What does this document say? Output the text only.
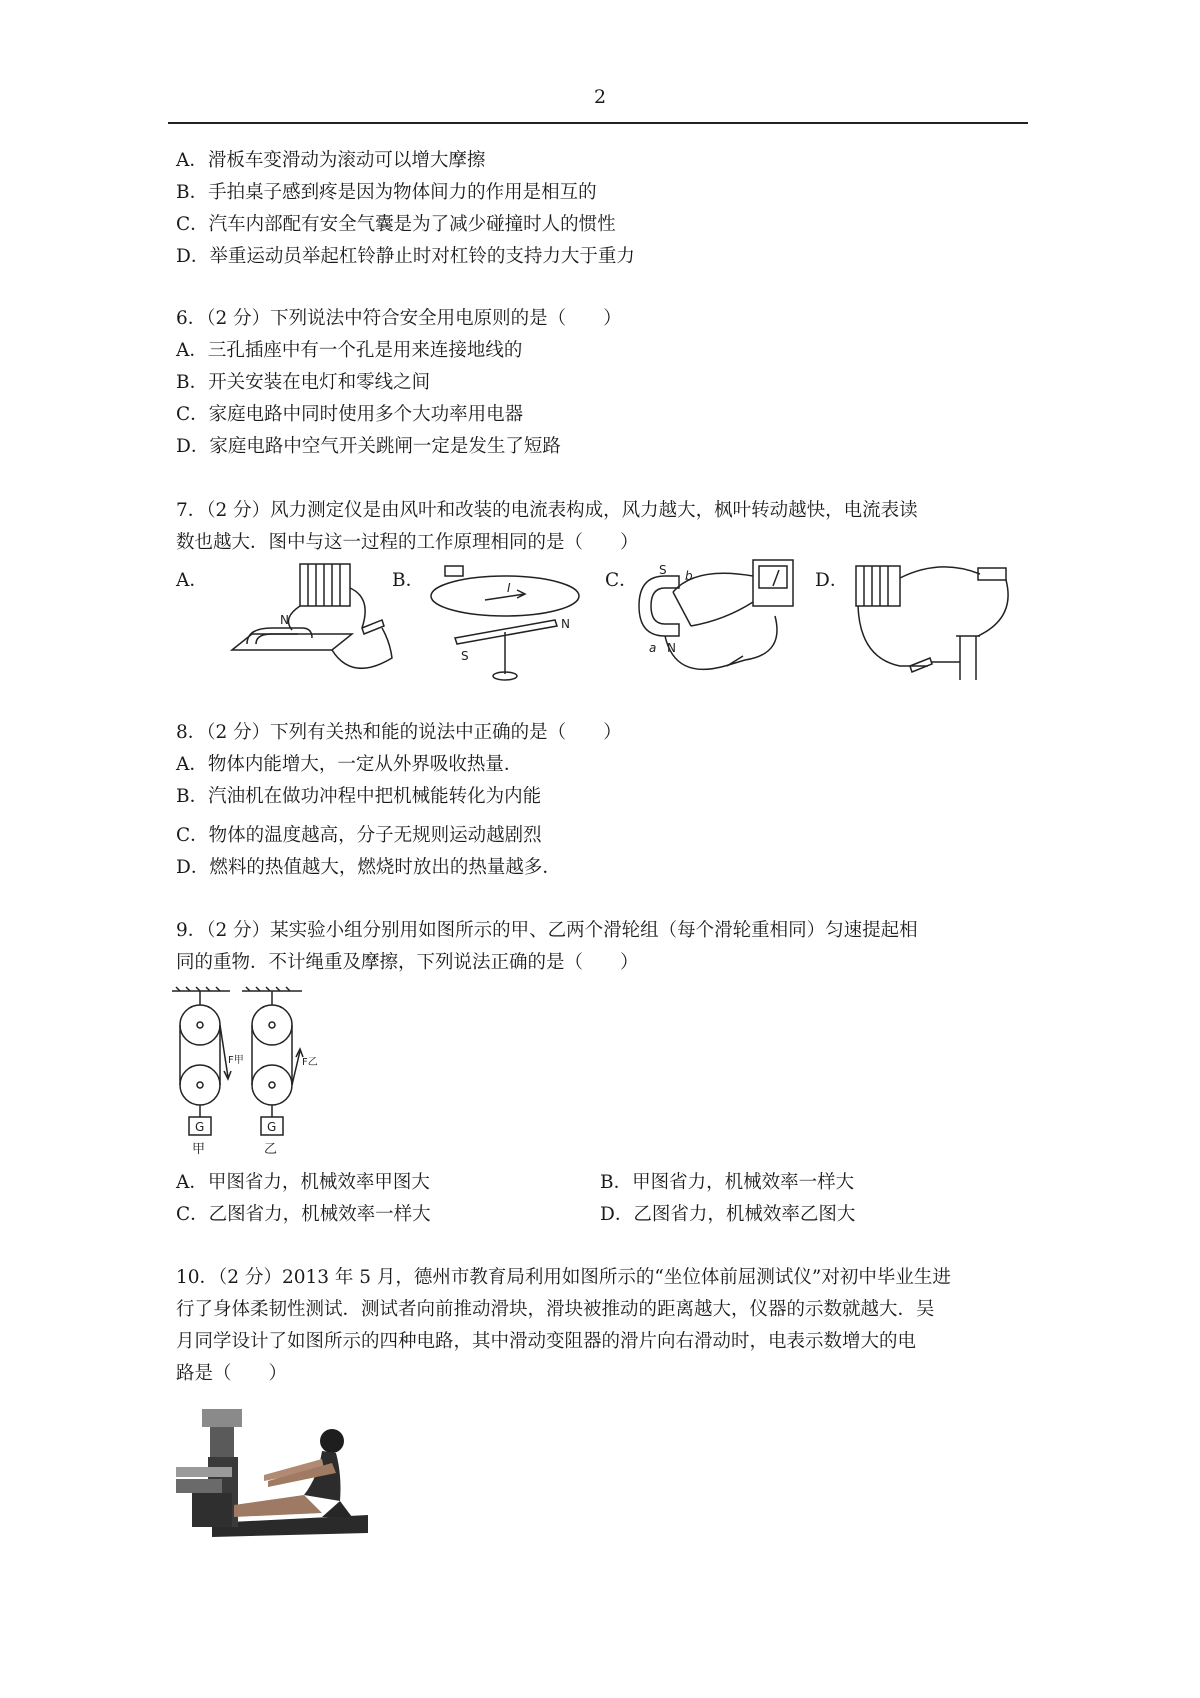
2
A．滑板车变滑动为滚动可以增大摩擦
B．手拍桌子感到疼是因为物体间力的作用是相互的
C．汽车内部配有安全气囊是为了减少碰撞时人的惯性
D．举重运动员举起杠铃静止时对杠铃的支持力大于重力
6．（2 分）下列说法中符合安全用电原则的是（　　）
A．三孔插座中有一个孔是用来连接地线的
B．开关安装在电灯和零线之间
C．家庭电路中同时使用多个大功率用电器
D．家庭电路中空气开关跳闸一定是发生了短路
7．（2 分）风力测定仪是由风叶和改装的电流表构成，风力越大，枫叶转动越快，电流表读
数也越大．图中与这一过程的工作原理相同的是（　　）
A．	B．	C．	D．
N
I
S
N
S b
a N
8．（2 分）下列有关热和能的说法中正确的是（　　）
A．物体内能增大，一定从外界吸收热量．
B．汽油机在做功冲程中把机械能转化为内能
C．物体的温度越高，分子无规则运动越剧烈
D．燃料的热值越大，燃烧时放出的热量越多．
9．（2 分）某实验小组分别用如图所示的甲、乙两个滑轮组（每个滑轮重相同）匀速提起相
同的重物．不计绳重及摩擦，下列说法正确的是（　　）
F甲	F乙
G	G
甲	乙
A．甲图省力，机械效率甲图大	B．甲图省力，机械效率一样大
C．乙图省力，机械效率一样大	D．乙图省力，机械效率乙图大
10．（2 分）2013 年 5 月，德州市教育局利用如图所示的“坐位体前屈测试仪”对初中毕业生进
行了身体柔韧性测试．测试者向前推动滑块，滑块被推动的距离越大，仪器的示数就越大．吴
月同学设计了如图所示的四种电路，其中滑动变阻器的滑片向右滑动时，电表示数增大的电
路是（　　）
